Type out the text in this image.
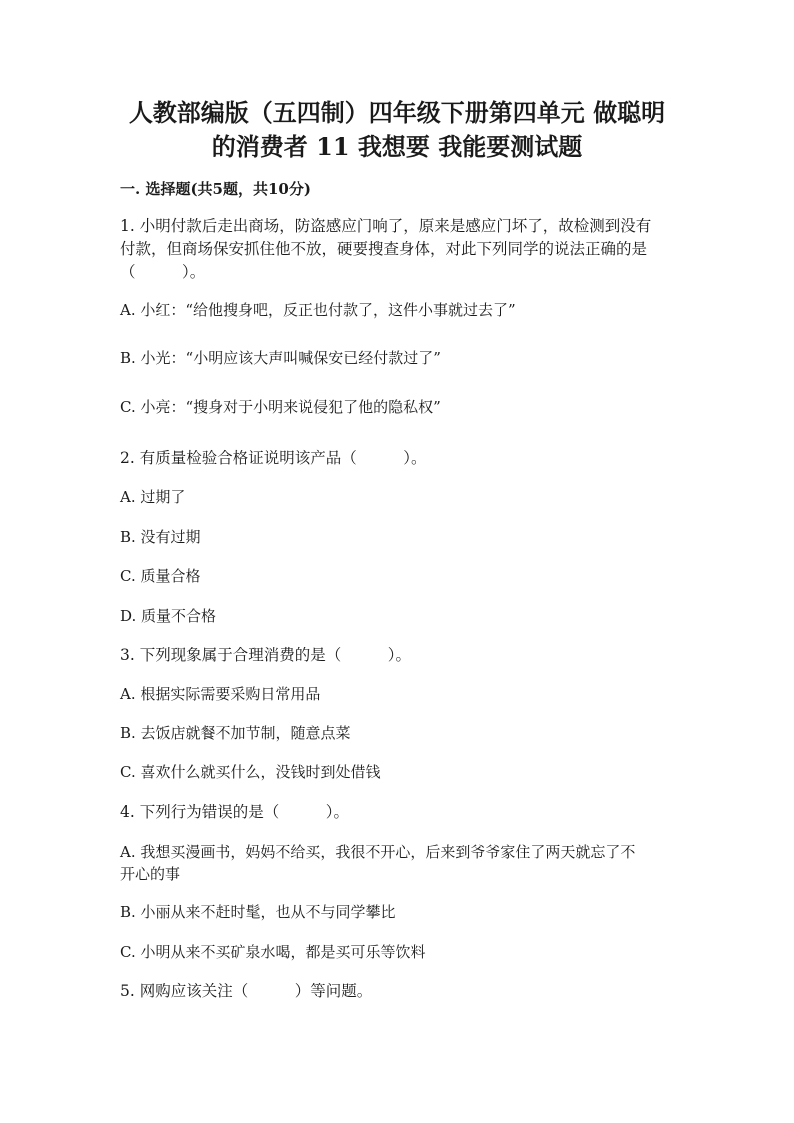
人教部编版（五四制）四年级下册第四单元 做聪明
的消费者 11 我想要 我能要测试题

一. 选择题(共5题，共10分)

1. 小明付款后走出商场，防盗感应门响了，原来是感应门坏了，故检测到没有

付款，但商场保安抓住他不放，硬要搜查身体，对此下列同学的说法正确的是

（　　　）。

A. 小红：“给他搜身吧，反正也付款了，这件小事就过去了”

B. 小光：“小明应该大声叫喊保安已经付款过了”

C. 小亮：“搜身对于小明来说侵犯了他的隐私权”

2. 有质量检验合格证说明该产品（　　　）。

A. 过期了

B. 没有过期

C. 质量合格

D. 质量不合格

3. 下列现象属于合理消费的是（　　　）。

A. 根据实际需要采购日常用品

B. 去饭店就餐不加节制，随意点菜

C. 喜欢什么就买什么，没钱时到处借钱

4. 下列行为错误的是（　　　）。

A. 我想买漫画书，妈妈不给买，我很不开心，后来到爷爷家住了两天就忘了不

开心的事

B. 小丽从来不赶时髦，也从不与同学攀比

C. 小明从来不买矿泉水喝，都是买可乐等饮料

5. 网购应该关注（　　　）等问题。
